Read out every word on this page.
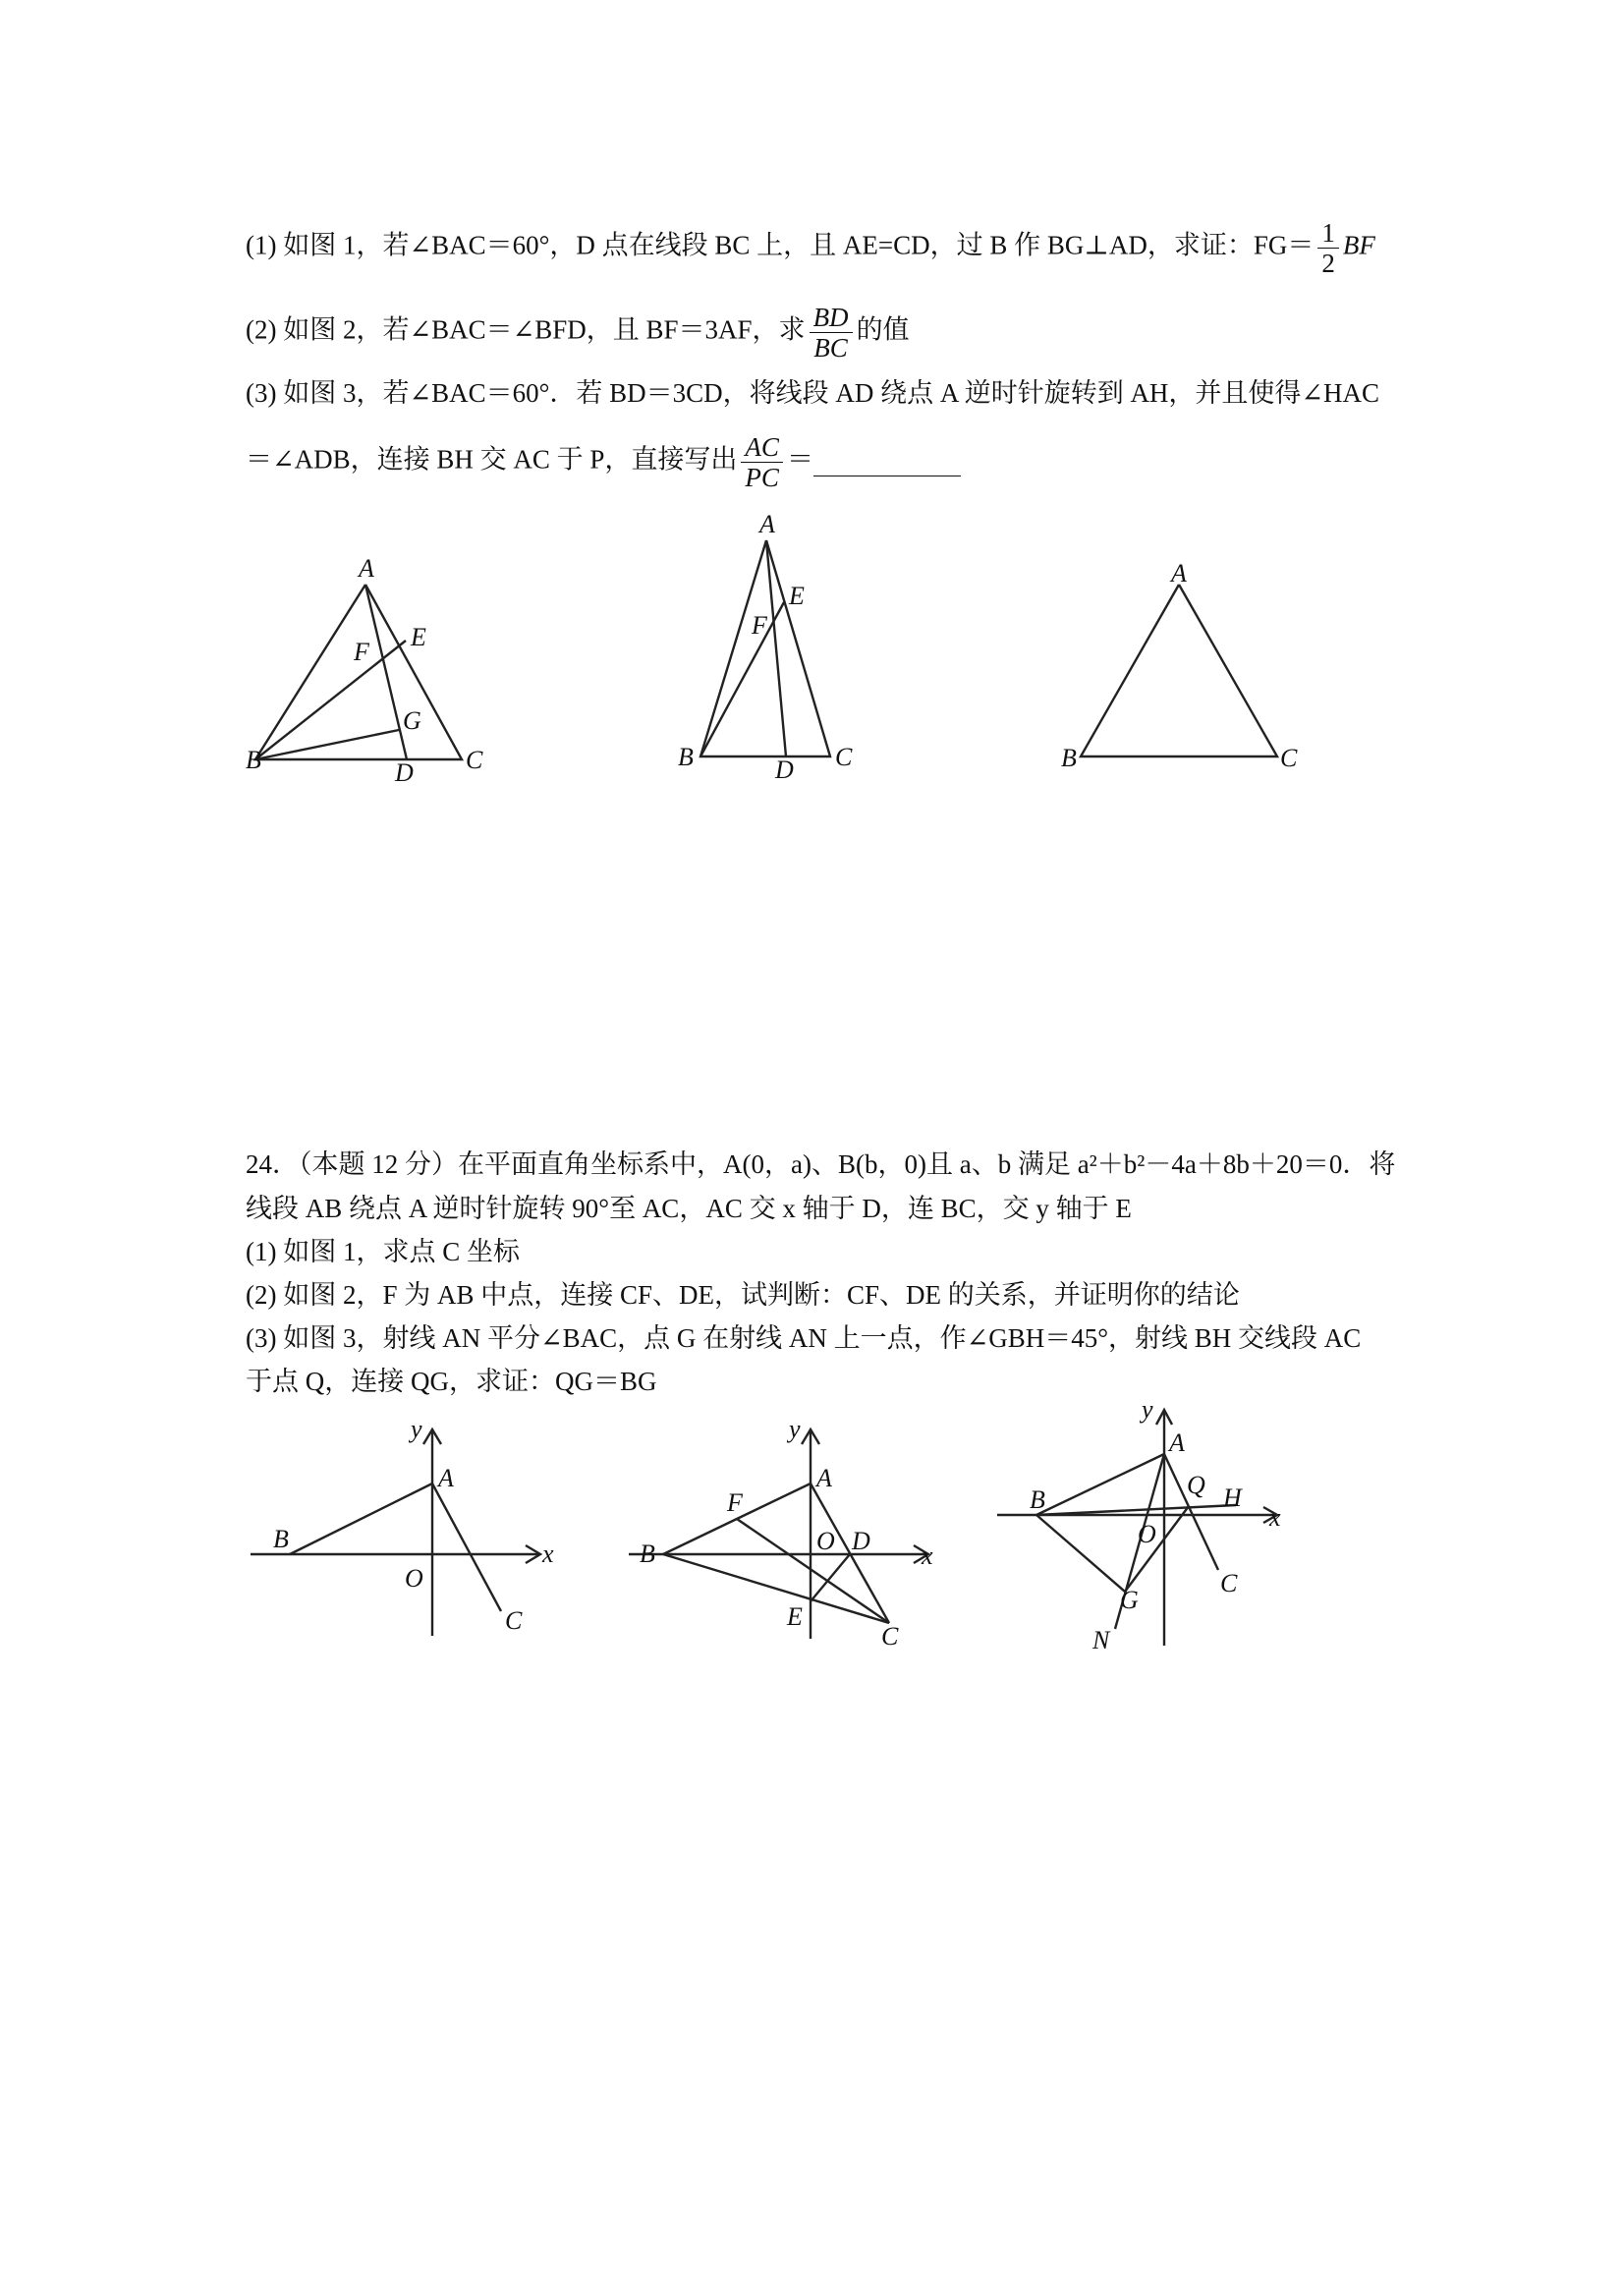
(1) 如图 1，若∠BAC＝60°，D 点在线段 BC 上，且 AE=CD，过 B 作 BG⊥AD，求证：$FG= \frac{1}{2}$ BF
(2) 如图 2，若∠BAC＝∠BFD，且 BF＝3AF，求 $\frac{BD}{BC}$ 的值
(3) 如图 3，若∠BAC＝60°．若 BD＝3CD，将线段 AD 绕点 A 逆时针旋转到 AH，并且使得∠HAC
＝∠ADB，连接 BH 交 AC 于 P，直接写出 $\frac{AC}{PC}$ ＝
A
E
F
G
B	D C
A
E
F
B	D C
A
B	C
24．（本题 12 分）在平面直角坐标系中，A(0，a)、B(b，0)且 a、b 满足 a²＋b²－4a＋8b＋20＝0．将
线段 AB 绕点 A 逆时针旋转 90°至 AC，AC 交 x 轴于 D，连 BC，交 y 轴于 E
(1) 如图 1，求点 C 坐标
(2) 如图 2，F 为 AB 中点，连接 CF、DE，试判断：CF、DE 的关系，并证明你的结论
(3) 如图 3，射线 AN 平分∠BAC，点 G 在射线 AN 上一点，作∠GBH＝45°，射线 BH 交线段 AC
于点 Q，连接 QG，求证：QG＝BG
y
x
A
B
O
C
y
x
A
B
F
O D
E
C
y
x
A
B
Q H
O
G
C
N
